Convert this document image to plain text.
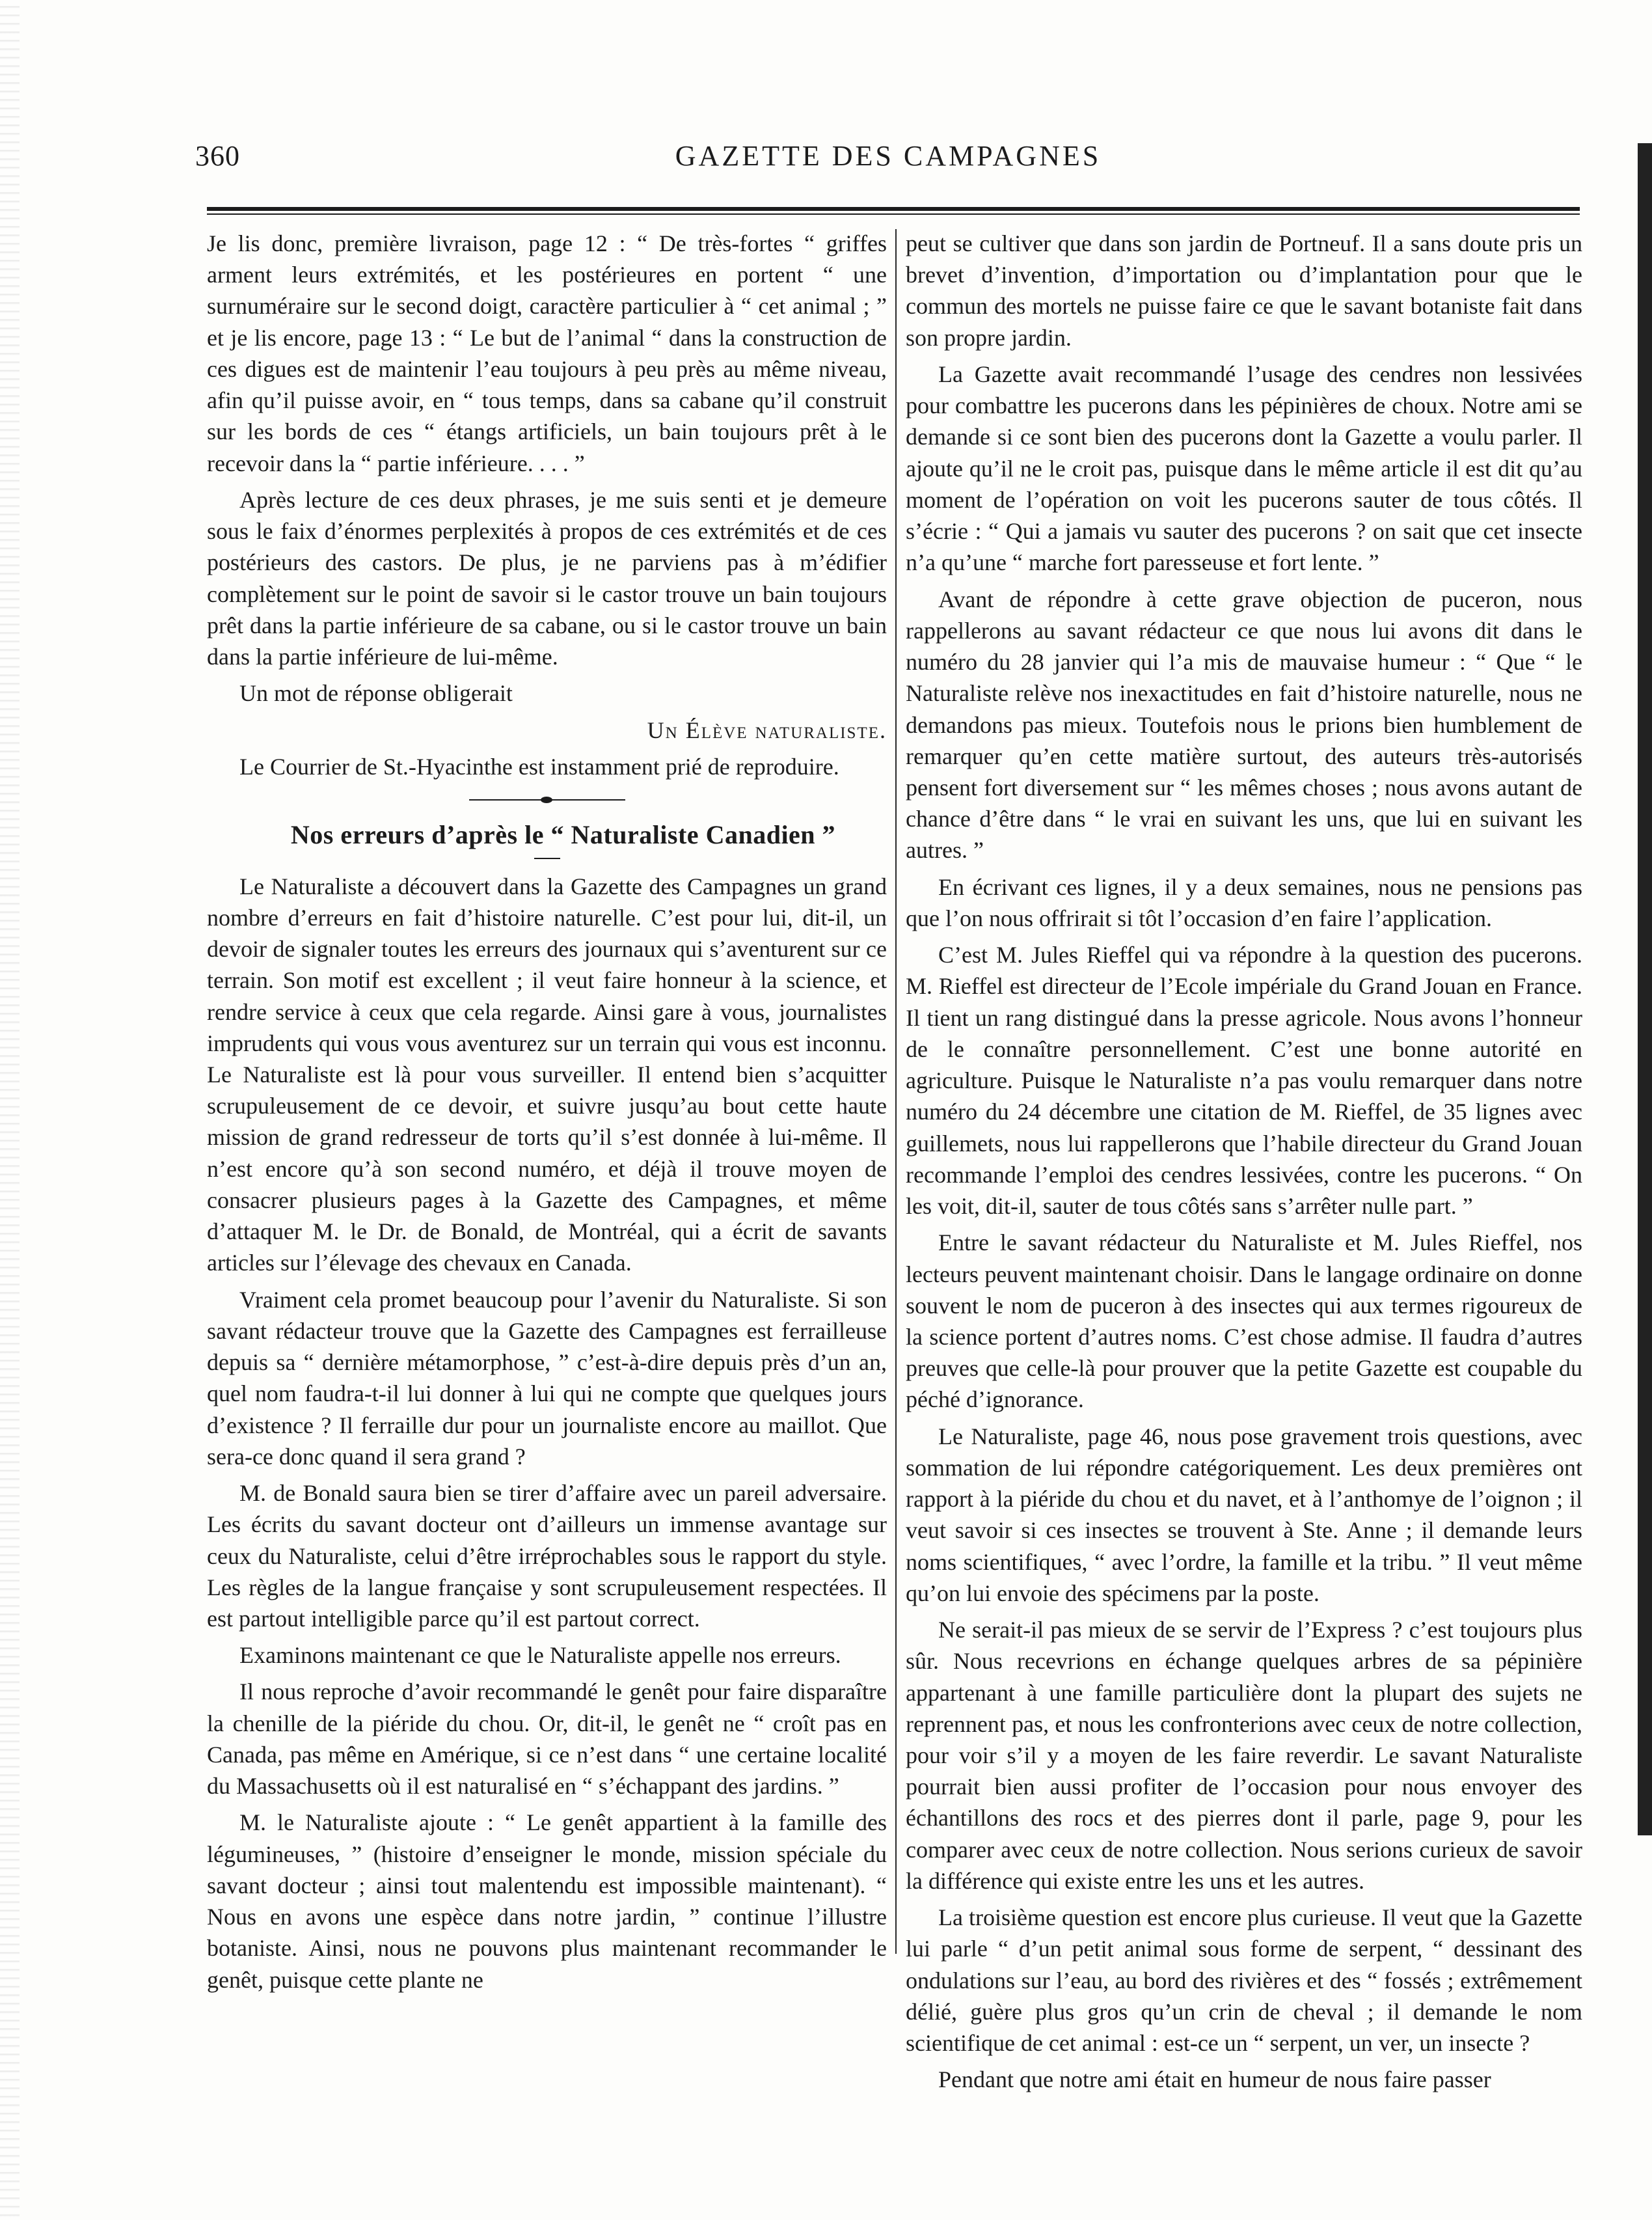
360	GAZETTE DES CAMPAGNES

Je lis donc, première livraison, page 12 : “ De très-fortes “ griffes arment leurs extrémités, et les postérieures en portent “ une surnuméraire sur le second doigt, caractère particulier à “ cet animal ; ” et je lis encore, page 13 : “ Le but de l’animal “ dans la construction de ces digues est de maintenir l’eau toujours à peu près au même niveau, afin qu’il puisse avoir, en “ tous temps, dans sa cabane qu’il construit sur les bords de ces “ étangs artificiels, un bain toujours prêt à le recevoir dans la “ partie inférieure. . . . ”

Après lecture de ces deux phrases, je me suis senti et je demeure sous le faix d’énormes perplexités à propos de ces extrémités et de ces postérieurs des castors. De plus, je ne parviens pas à m’édifier complètement sur le point de savoir si le castor trouve un bain toujours prêt dans la partie inférieure de sa cabane, ou si le castor trouve un bain dans la partie inférieure de lui-même.

Un mot de réponse obligerait

Un Élève naturaliste.

Le Courrier de St.-Hyacinthe est instamment prié de reproduire.

Nos erreurs d’après le “ Naturaliste Canadien ”

Le Naturaliste a découvert dans la Gazette des Campagnes un grand nombre d’erreurs en fait d’histoire naturelle. C’est pour lui, dit-il, un devoir de signaler toutes les erreurs des journaux qui s’aventurent sur ce terrain. Son motif est excellent ; il veut faire honneur à la science, et rendre service à ceux que cela regarde. Ainsi gare à vous, journalistes imprudents qui vous vous aventurez sur un terrain qui vous est inconnu. Le Naturaliste est là pour vous surveiller. Il entend bien s’acquitter scrupuleusement de ce devoir, et suivre jusqu’au bout cette haute mission de grand redresseur de torts qu’il s’est donnée à lui-même. Il n’est encore qu’à son second numéro, et déjà il trouve moyen de consacrer plusieurs pages à la Gazette des Campagnes, et même d’attaquer M. le Dr. de Bonald, de Montréal, qui a écrit de savants articles sur l’élevage des chevaux en Canada.

Vraiment cela promet beaucoup pour l’avenir du Naturaliste. Si son savant rédacteur trouve que la Gazette des Campagnes est ferrailleuse depuis sa “ dernière métamorphose, ” c’est-à-dire depuis près d’un an, quel nom faudra-t-il lui donner à lui qui ne compte que quelques jours d’existence ? Il ferraille dur pour un journaliste encore au maillot. Que sera-ce donc quand il sera grand ?

M. de Bonald saura bien se tirer d’affaire avec un pareil adversaire. Les écrits du savant docteur ont d’ailleurs un immense avantage sur ceux du Naturaliste, celui d’être irréprochables sous le rapport du style. Les règles de la langue française y sont scrupuleusement respectées. Il est partout intelligible parce qu’il est partout correct.

Examinons maintenant ce que le Naturaliste appelle nos erreurs.

Il nous reproche d’avoir recommandé le genêt pour faire disparaître la chenille de la piéride du chou. Or, dit-il, le genêt ne “ croît pas en Canada, pas même en Amérique, si ce n’est dans “ une certaine localité du Massachusetts où il est naturalisé en “ s’échappant des jardins. ”

M. le Naturaliste ajoute : “ Le genêt appartient à la famille des légumineuses, ” (histoire d’enseigner le monde, mission spéciale du savant docteur ; ainsi tout malentendu est impossible maintenant). “ Nous en avons une espèce dans notre jardin, ” continue l’illustre botaniste. Ainsi, nous ne pouvons plus maintenant recommander le genêt, puisque cette plante ne

peut se cultiver que dans son jardin de Portneuf. Il a sans doute pris un brevet d’invention, d’importation ou d’implantation pour que le commun des mortels ne puisse faire ce que le savant botaniste fait dans son propre jardin.

La Gazette avait recommandé l’usage des cendres non lessivées pour combattre les pucerons dans les pépinières de choux. Notre ami se demande si ce sont bien des pucerons dont la Gazette a voulu parler. Il ajoute qu’il ne le croit pas, puisque dans le même article il est dit qu’au moment de l’opération on voit les pucerons sauter de tous côtés. Il s’écrie : “ Qui a jamais vu sauter des pucerons ? on sait que cet insecte n’a qu’une “ marche fort paresseuse et fort lente. ”

Avant de répondre à cette grave objection de puceron, nous rappellerons au savant rédacteur ce que nous lui avons dit dans le numéro du 28 janvier qui l’a mis de mauvaise humeur : “ Que “ le Naturaliste relève nos inexactitudes en fait d’histoire naturelle, nous ne demandons pas mieux. Toutefois nous le prions bien humblement de remarquer qu’en cette matière surtout, des auteurs très-autorisés pensent fort diversement sur “ les mêmes choses ; nous avons autant de chance d’être dans “ le vrai en suivant les uns, que lui en suivant les autres. ”

En écrivant ces lignes, il y a deux semaines, nous ne pensions pas que l’on nous offrirait si tôt l’occasion d’en faire l’application.

C’est M. Jules Rieffel qui va répondre à la question des pucerons. M. Rieffel est directeur de l’Ecole impériale du Grand Jouan en France. Il tient un rang distingué dans la presse agricole. Nous avons l’honneur de le connaître personnellement. C’est une bonne autorité en agriculture. Puisque le Naturaliste n’a pas voulu remarquer dans notre numéro du 24 décembre une citation de M. Rieffel, de 35 lignes avec guillemets, nous lui rappellerons que l’habile directeur du Grand Jouan recommande l’emploi des cendres lessivées, contre les pucerons. “ On les voit, dit-il, sauter de tous côtés sans s’arrêter nulle part. ”

Entre le savant rédacteur du Naturaliste et M. Jules Rieffel, nos lecteurs peuvent maintenant choisir. Dans le langage ordinaire on donne souvent le nom de puceron à des insectes qui aux termes rigoureux de la science portent d’autres noms. C’est chose admise. Il faudra d’autres preuves que celle-là pour prouver que la petite Gazette est coupable du péché d’ignorance.

Le Naturaliste, page 46, nous pose gravement trois questions, avec sommation de lui répondre catégoriquement. Les deux premières ont rapport à la piéride du chou et du navet, et à l’anthomye de l’oignon ; il veut savoir si ces insectes se trouvent à Ste. Anne ; il demande leurs noms scientifiques, “ avec l’ordre, la famille et la tribu. ” Il veut même qu’on lui envoie des spécimens par la poste.

Ne serait-il pas mieux de se servir de l’Express ? c’est toujours plus sûr. Nous recevrions en échange quelques arbres de sa pépinière appartenant à une famille particulière dont la plupart des sujets ne reprennent pas, et nous les confronterions avec ceux de notre collection, pour voir s’il y a moyen de les faire reverdir. Le savant Naturaliste pourrait bien aussi profiter de l’occasion pour nous envoyer des échantillons des rocs et des pierres dont il parle, page 9, pour les comparer avec ceux de notre collection. Nous serions curieux de savoir la différence qui existe entre les uns et les autres.

La troisième question est encore plus curieuse. Il veut que la Gazette lui parle “ d’un petit animal sous forme de serpent, “ dessinant des ondulations sur l’eau, au bord des rivières et des “ fossés ; extrêmement délié, guère plus gros qu’un crin de cheval ; il demande le nom scientifique de cet animal : est-ce un “ serpent, un ver, un insecte ?

Pendant que notre ami était en humeur de nous faire passer
